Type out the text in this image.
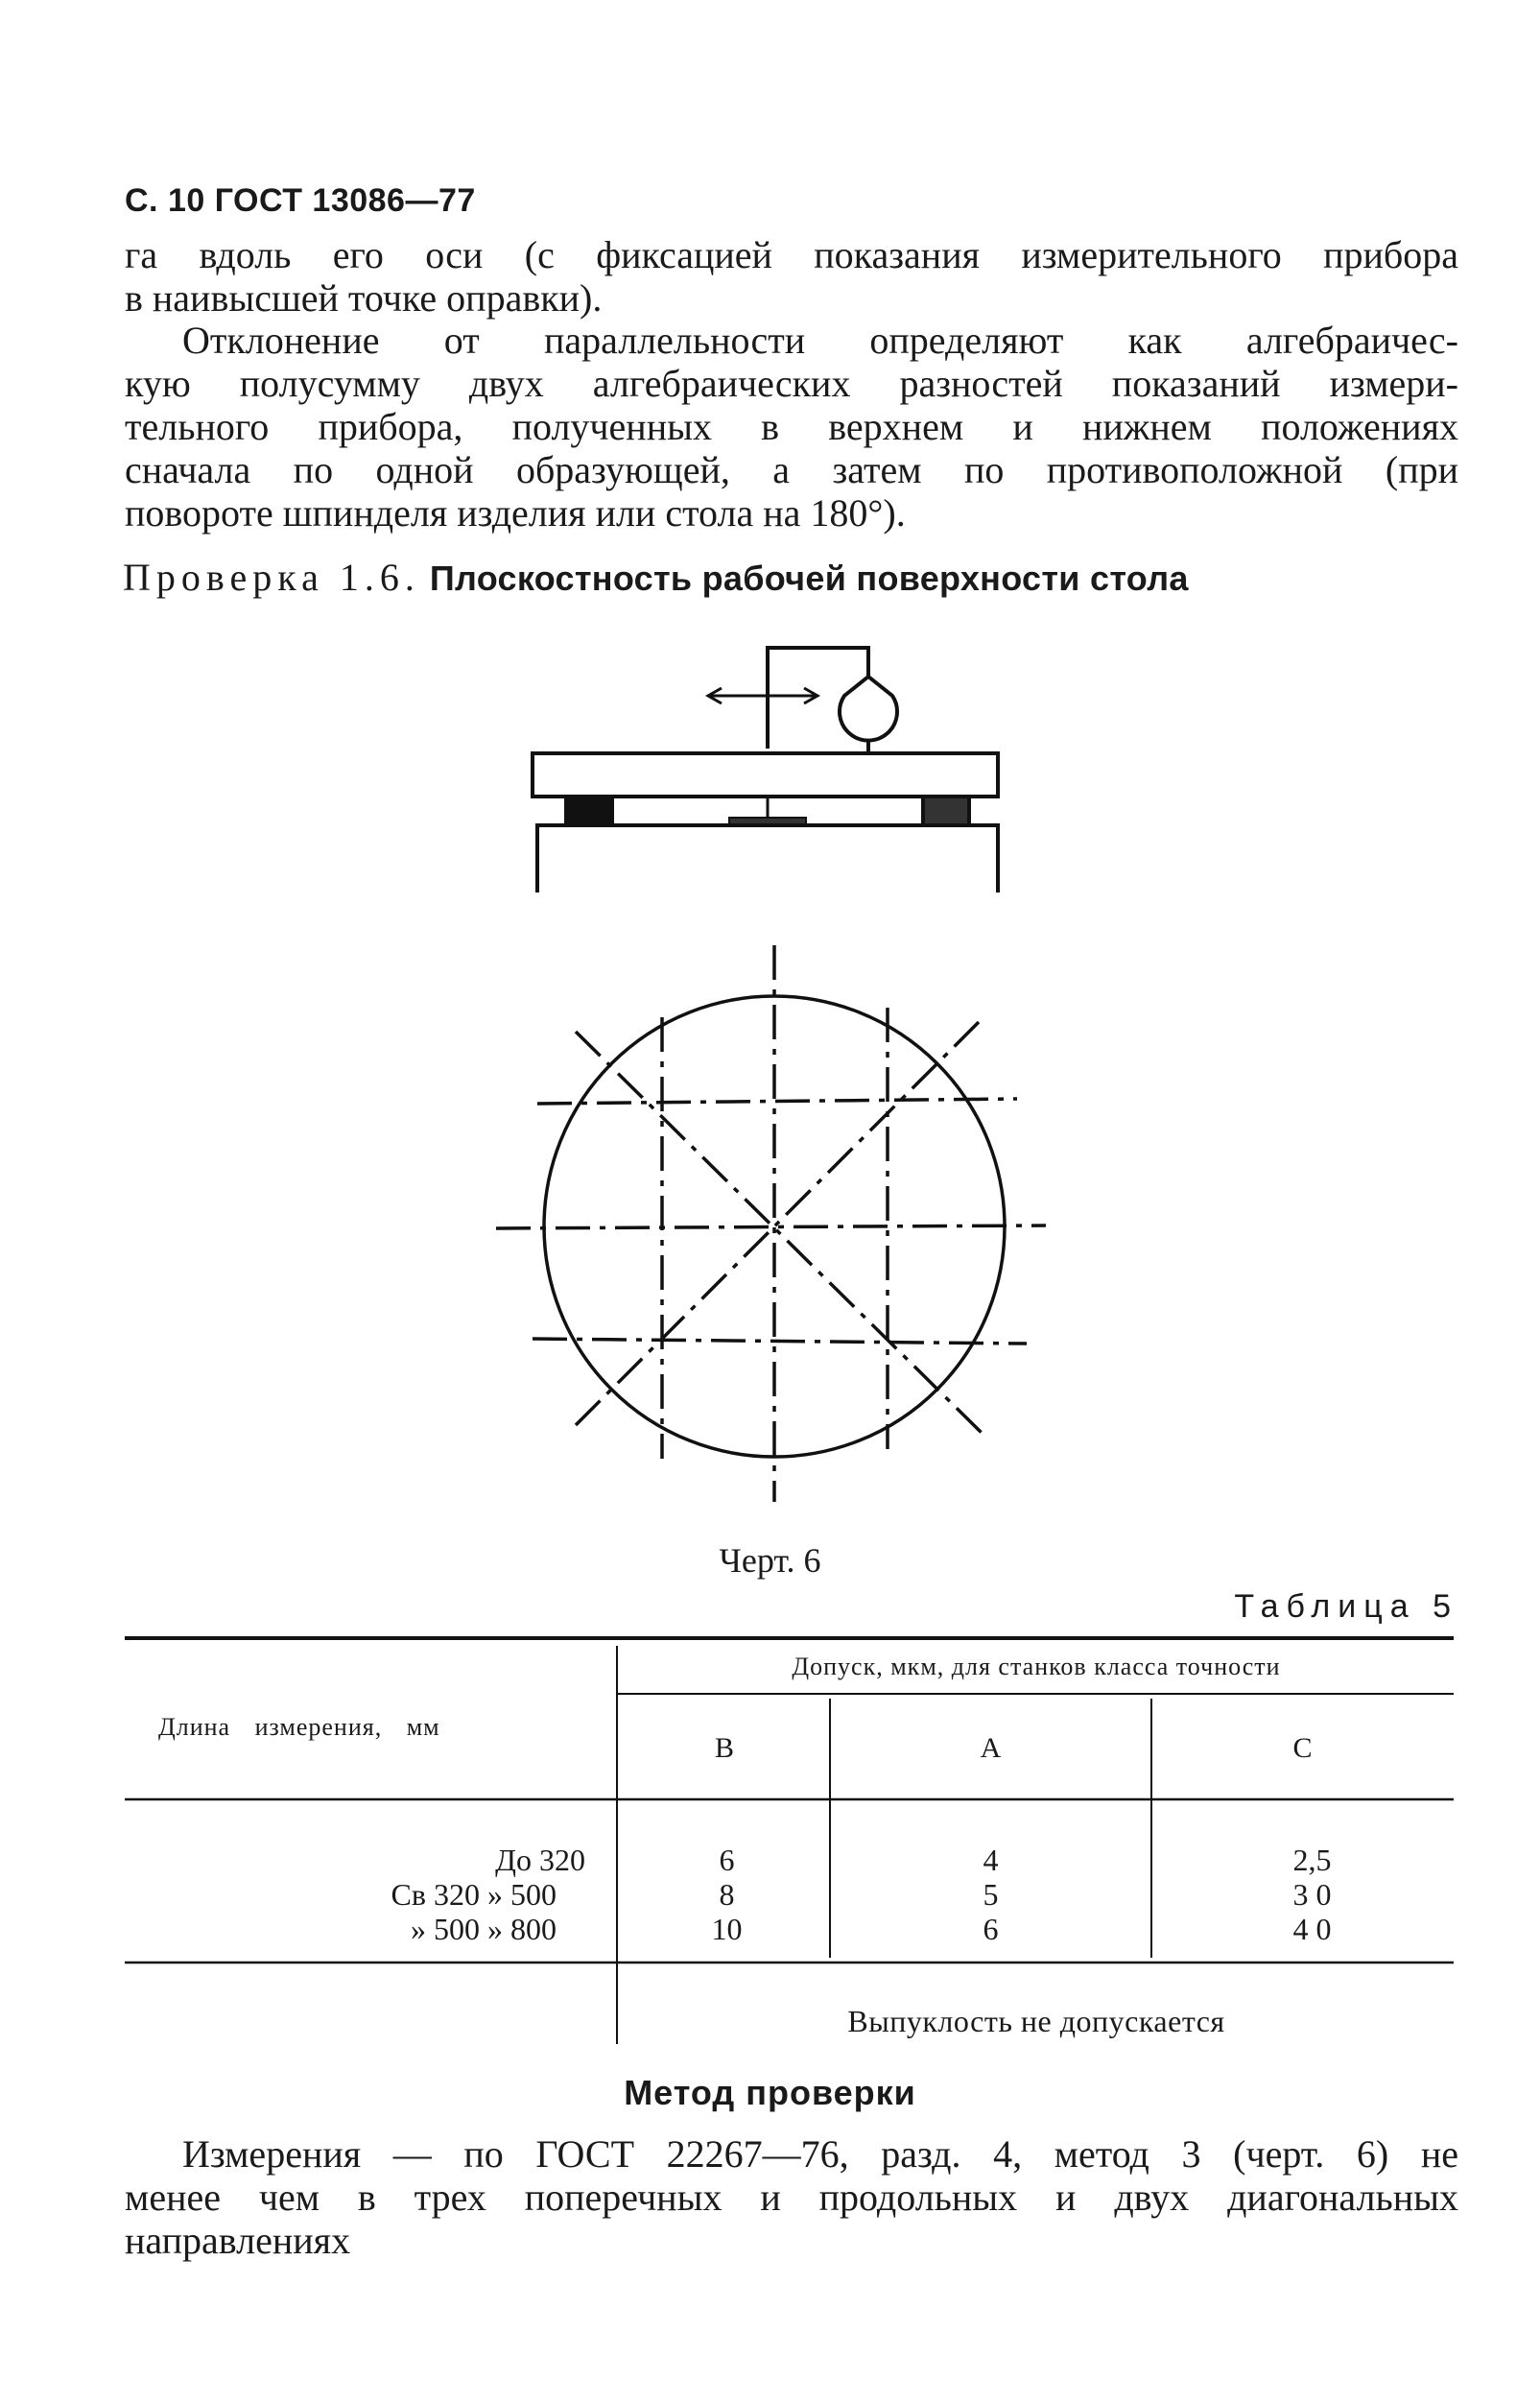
С. 10 ГОСТ 13086—77
га вдоль его оси (с фиксацией показания измерительного прибора
в наивысшей точке оправки).
Отклонение от параллельности определяют как алгебраичес-
кую полусумму двух алгебраических разностей показаний измери-
тельного прибора, полученных в верхнем и нижнем положениях
сначала по одной образующей, а затем по противоположной (при
повороте шпинделя изделия или стола на 180°).
Проверка 1.6. Плоскостность рабочей поверхности стола
Черт. 6
Таблица 5
Длина измерения, мм
Допуск, мкм, для станков класса точности
В	А	С
До 320
Св 320 » 500
» 500 » 800
6
8
10
4
5
6
2,5
3 0
4 0
Выпуклость не допускается
Метод проверки
Измерения — по ГОСТ 22267—76, разд. 4, метод 3 (черт. 6) не
менее чем в трех поперечных и продольных и двух диагональных
направлениях
